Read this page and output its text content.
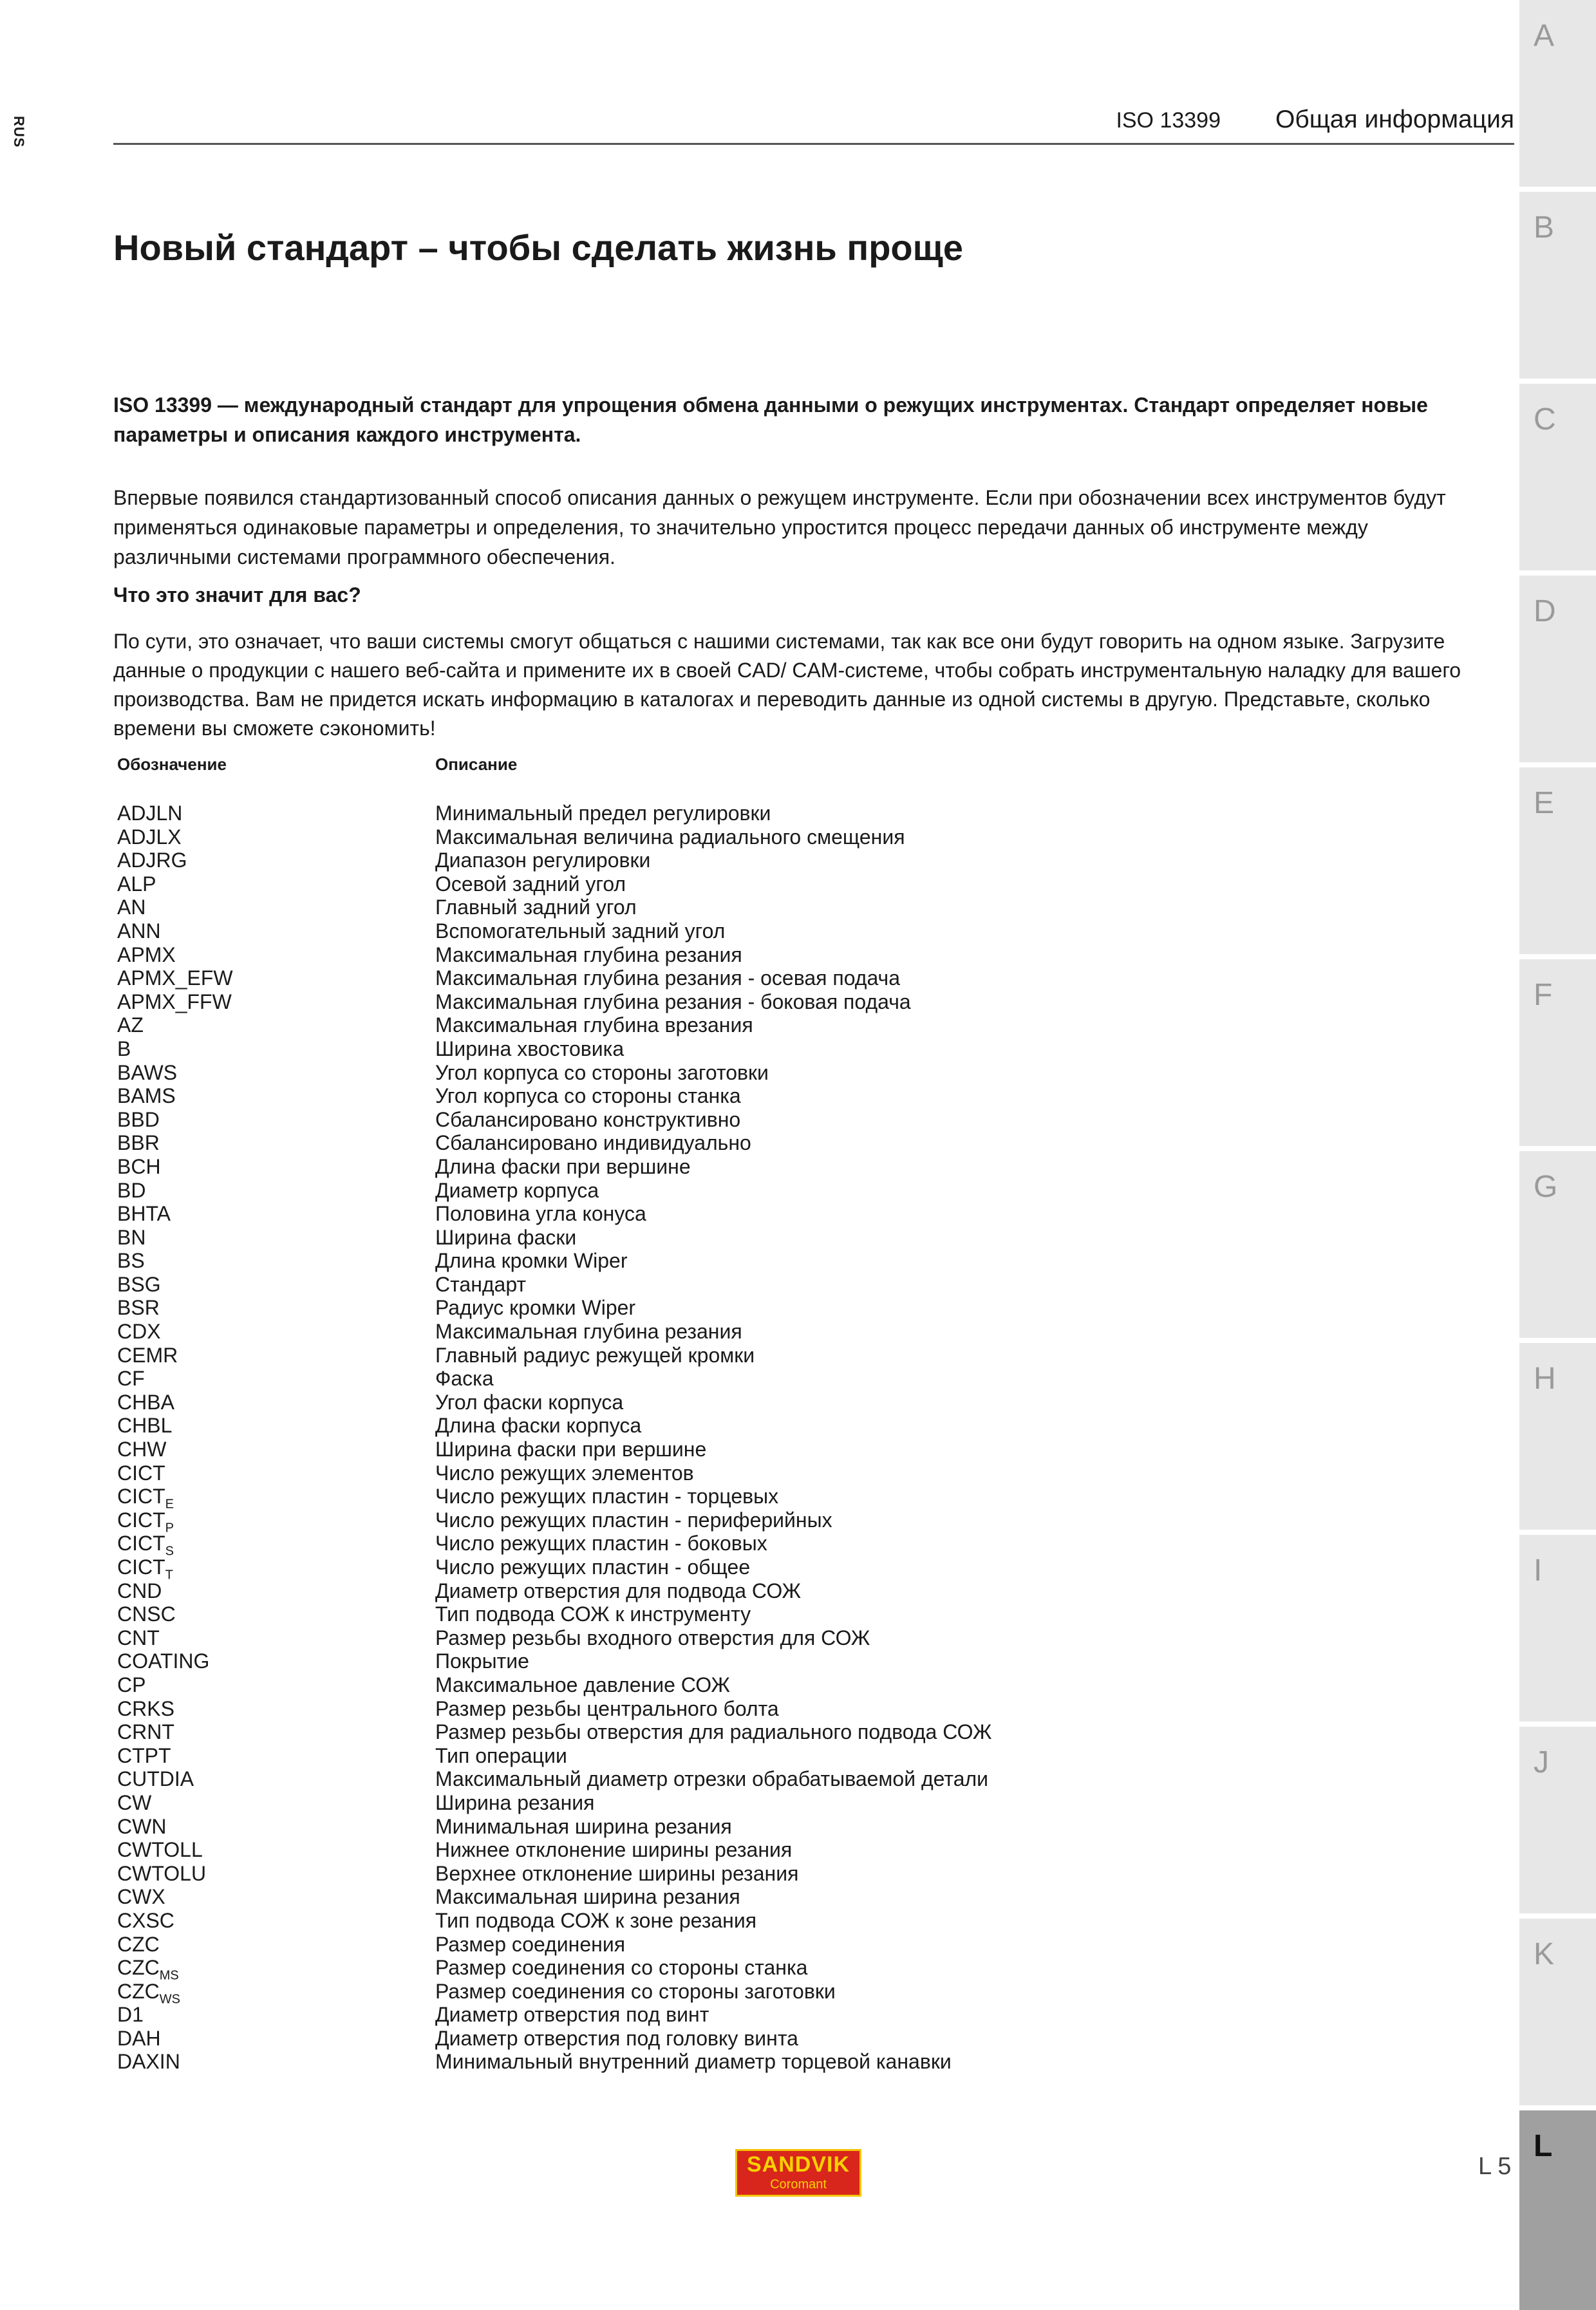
RUS	ISO 13399 Общая информация
Новый стандарт – чтобы сделать жизнь проще
ISO 13399 — международный стандарт для упрощения обмена данными о режущих инструментах. Стандарт определяет новые параметры и описания каждого инструмента.
Впервые появился стандартизованный способ описания данных о режущем инструменте. Если при обозначении всех инструментов будут применяться одинаковые параметры и определения, то значительно упростится процесс передачи данных об инструменте между различными системами программного обеспечения.
Что это значит для вас?
По сути, это означает, что ваши системы смогут общаться с нашими системами, так как все они будут говорить на одном языке. Загрузите данные о продукции с нашего веб-сайта и примените их в своей CAD/ CAM-системе, чтобы собрать инструментальную наладку для вашего производства. Вам не придется искать информацию в каталогах и переводить данные из одной системы в другую. Представьте, сколько времени вы сможете сэкономить!
Обозначение	Описание
ADJLN	Минимальный предел регулировки
ADJLX	Максимальная величина радиального смещения
ADJRG	Диапазон регулировки
ALP	Осевой задний угол
AN	Главный задний угол
ANN	Вспомогательный задний угол
APMX	Максимальная глубина резания
APMX_EFW	Максимальная глубина резания - осевая подача
APMX_FFW	Максимальная глубина резания - боковая подача
AZ	Максимальная глубина врезания
B	Ширина хвостовика
BAWS	Угол корпуса со стороны заготовки
BAMS	Угол корпуса со стороны станка
BBD	Сбалансировано конструктивно
BBR	Сбалансировано индивидуально
BCH	Длина фаски при вершине
BD	Диаметр корпуса
BHTA	Половина угла конуса
BN	Ширина фаски
BS	Длина кромки Wiper
BSG	Стандарт
BSR	Радиус кромки Wiper
CDX	Максимальная глубина резания
CEMR	Главный радиус режущей кромки
CF	Фаска
CHBA	Угол фаски корпуса
CHBL	Длина фаски корпуса
CHW	Ширина фаски при вершине
CICT	Число режущих элементов
$CICT_E$	Число режущих пластин - торцевых
$CICT_P$	Число режущих пластин - периферийных
$CICT_S$	Число режущих пластин - боковых
$CICT_T$	Число режущих пластин - общее
CND	Диаметр отверстия для подвода СОЖ
CNSC	Тип подвода СОЖ к инструменту
CNT	Размер резьбы входного отверстия для СОЖ
COATING	Покрытие
CP	Максимальное давление СОЖ
CRKS	Размер резьбы центрального болта
CRNT	Размер резьбы отверстия для радиального подвода СОЖ
CTPT	Тип операции
CUTDIA	Максимальный диаметр отрезки обрабатываемой детали
CW	Ширина резания
CWN	Минимальная ширина резания
CWTOLL	Нижнее отклонение ширины резания
CWTOLU	Верхнее отклонение ширины резания
CWX	Максимальная ширина резания
CXSC	Тип подвода СОЖ к зоне резания
CZC	Размер соединения
$CZC_{MS}$	Размер соединения со стороны станка
$CZC_{WS}$	Размер соединения со стороны заготовки
D1	Диаметр отверстия под винт
DAH	Диаметр отверстия под головку винта
DAXIN	Минимальный внутренний диаметр торцевой канавки
A
B
C
D
E
F
G
H
I
J
K
L
SANDVIK
Coromant
L 5
